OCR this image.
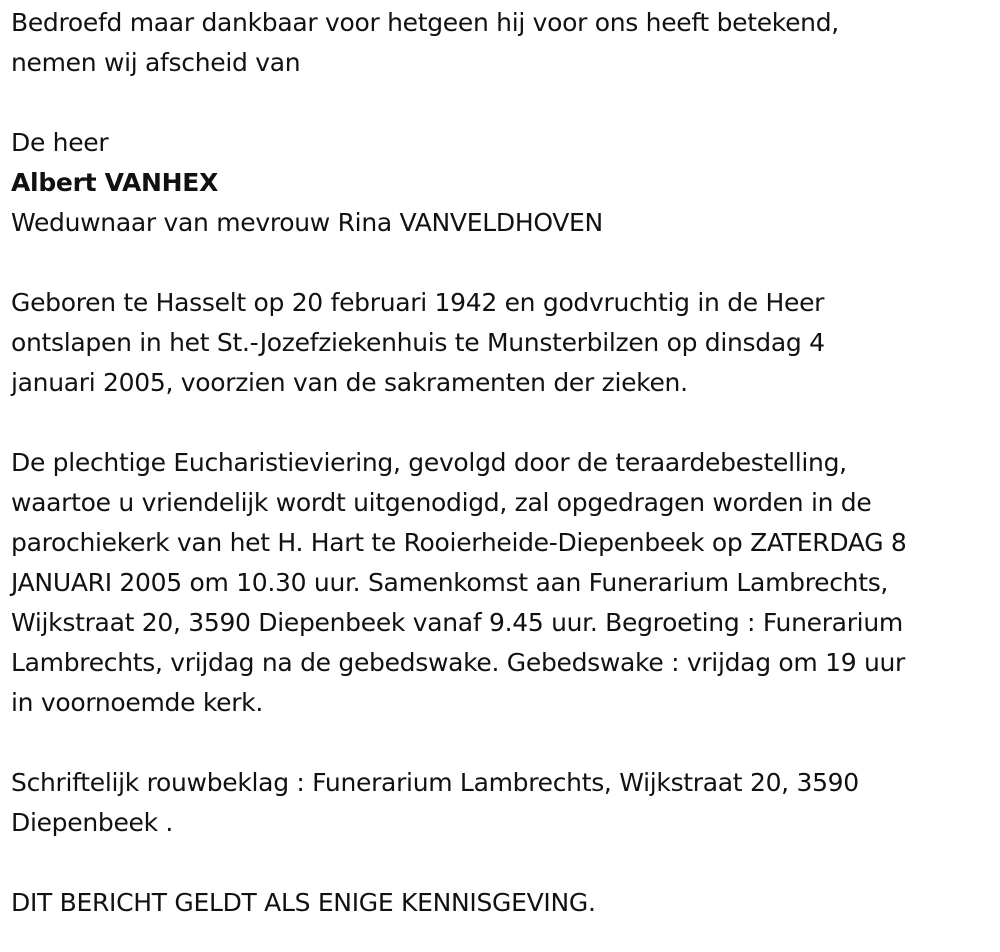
Bedroefd maar dankbaar voor hetgeen hij voor ons heeft betekend,
nemen wij afscheid van
De heer
Albert VANHEX
Weduwnaar van mevrouw Rina VANVELDHOVEN
Geboren te Hasselt op 20 februari 1942 en godvruchtig in de Heer
ontslapen in het St.-Jozefziekenhuis te Munsterbilzen op dinsdag 4
januari 2005, voorzien van de sakramenten der zieken.
De plechtige Eucharistieviering, gevolgd door de teraardebestelling,
waartoe u vriendelijk wordt uitgenodigd, zal opgedragen worden in de
parochiekerk van het H. Hart te Rooierheide-Diepenbeek op ZATERDAG 8
JANUARI 2005 om 10.30 uur. Samenkomst aan Funerarium Lambrechts,
Wijkstraat 20, 3590 Diepenbeek vanaf 9.45 uur. Begroeting : Funerarium
Lambrechts, vrijdag na de gebedswake. Gebedswake : vrijdag om 19 uur
in voornoemde kerk.
Schriftelijk rouwbeklag : Funerarium Lambrechts, Wijkstraat 20, 3590
Diepenbeek .
DIT BERICHT GELDT ALS ENIGE KENNISGEVING.
